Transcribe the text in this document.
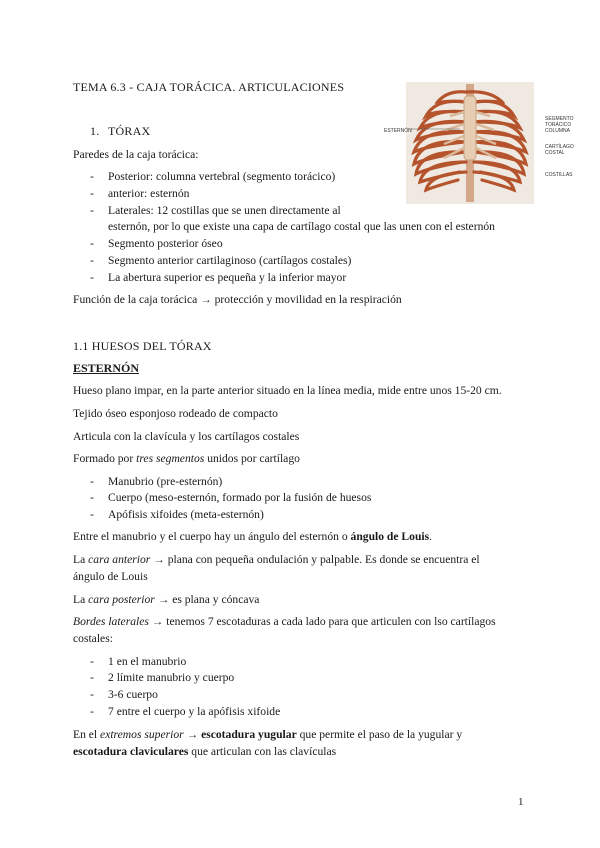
TEMA 6.3 - CAJA TORÁCICA. ARTICULACIONES
1. TÓRAX
Paredes de la caja torácica:
- Posterior: columna vertebral (segmento torácico)
- anterior: esternón
- Laterales: 12 costillas que se unen directamente al
esternón, por lo que existe una capa de cartílago costal que las unen con el esternón
- Segmento posterior óseo
- Segmento anterior cartilaginoso (cartílagos costales)
- La abertura superior es pequeña y la inferior mayor
Función de la caja torácica → protección y movilidad en la respiración
ESTERNÓN
SEGMENTO TORÁCICO COLUMNA
CARTÍLAGO COSTAL
COSTILLAS
1.1 HUESOS DEL TÓRAX
ESTERNÓN
Hueso plano impar, en la parte anterior situado en la línea media, mide entre unos 15-20 cm.
Tejido óseo esponjoso rodeado de compacto
Articula con la clavícula y los cartílagos costales
Formado por tres segmentos unidos por cartílago
- Manubrio (pre-esternón)
- Cuerpo (meso-esternón, formado por la fusión de huesos
- Apófisis xifoides (meta-esternón)
Entre el manubrio y el cuerpo hay un ángulo del esternón o ángulo de Louis.
La cara anterior → plana con pequeña ondulación y palpable. Es donde se encuentra el
ángulo de Louis
La cara posterior → es plana y cóncava
Bordes laterales → tenemos 7 escotaduras a cada lado para que articulen con lso cartílagos
costales:
- 1 en el manubrio
- 2 límite manubrio y cuerpo
- 3-6 cuerpo
- 7 entre el cuerpo y la apófisis xifoide
En el extremos superior → escotadura yugular que permite el paso de la yugular y
escotadura claviculares que articulan con las clavículas
1
